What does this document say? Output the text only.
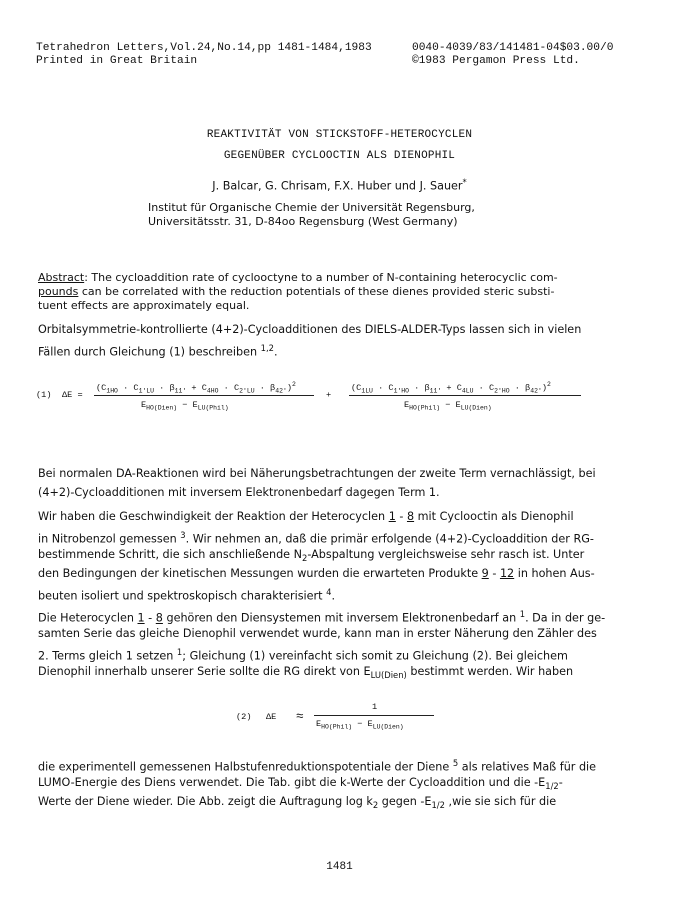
Tetrahedron Letters,Vol.24,No.14,pp 1481-1484,1983	0040-4039/83/141481-04$03.00/0
Printed in Great Britain	©1983 Pergamon Press Ltd.
REAKTIVITÄT VON STICKSTOFF-HETEROCYCLEN
GEGENÜBER CYCLOOCTIN ALS DIENOPHIL
J. Balcar, G. Chrisam, F.X. Huber und J. Sauer*
Institut für Organische Chemie der Universität Regensburg,
Universitätsstr. 31, D-84oo Regensburg (West Germany)
Abstract: The cycloaddition rate of cyclooctyne to a number of N-containing heterocyclic com-
pounds can be correlated with the reduction potentials of these dienes provided steric substi-
tuent effects are approximately equal.
Orbitalsymmetrie-kontrollierte (4+2)-Cycloadditionen des DIELS-ALDER-Typs lassen sich in vielen
Fällen durch Gleichung (1) beschreiben $^{1,2}$.
(1) ΔE =
$(C_{1HO} \cdot C_{1'LU} \cdot \beta_{11'} + C_{4HO} \cdot C_{2'LU} \cdot \beta_{42'})^2$
$E_{HO(Dien)} - E_{LU(Phil)}$
+
$(C_{1LU} \cdot C_{1'HO} \cdot \beta_{11'} + C_{4LU} \cdot C_{2'HO} \cdot \beta_{42'})^2$
$E_{HO(Phil)} - E_{LU(Dien)}$
Bei normalen DA-Reaktionen wird bei Näherungsbetrachtungen der zweite Term vernachlässigt, bei
(4+2)-Cycloadditionen mit inversem Elektronenbedarf dagegen Term 1.
Wir haben die Geschwindigkeit der Reaktion der Heterocyclen 1 - 8 mit Cyclooctin als Dienophil
in Nitrobenzol gemessen $^3$. Wir nehmen an, daß die primär erfolgende (4+2)-Cycloaddition der RG-
bestimmende Schritt, die sich anschließende $N_2$-Abspaltung vergleichsweise sehr rasch ist. Unter
den Bedingungen der kinetischen Messungen wurden die erwarteten Produkte 9 - 12 in hohen Aus-
beuten isoliert und spektroskopisch charakterisiert $^4$.
Die Heterocyclen 1 - 8 gehören den Diensystemen mit inversem Elektronenbedarf an $^1$. Da in der ge-
samten Serie das gleiche Dienophil verwendet wurde, kann man in erster Näherung den Zähler des
2. Terms gleich 1 setzen $^1$; Gleichung (1) vereinfacht sich somit zu Gleichung (2). Bei gleichem
Dienophil innerhalb unserer Serie sollte die RG direkt von $E_{LU(Dien)}$ bestimmt werden. Wir haben
(2) ΔE ≈
1
$E_{HO(Phil)} - E_{LU(Dien)}$
die experimentell gemessenen Halbstufenreduktionspotentiale der Diene $^5$ als relatives Maß für die
LUMO-Energie des Diens verwendet. Die Tab. gibt die k-Werte der Cycloaddition und die $-E_{1/2}-$
Werte der Diene wieder. Die Abb. zeigt die Auftragung $\log k_2$ gegen $-E_{1/2}$ ,wie sie sich für die
1481
